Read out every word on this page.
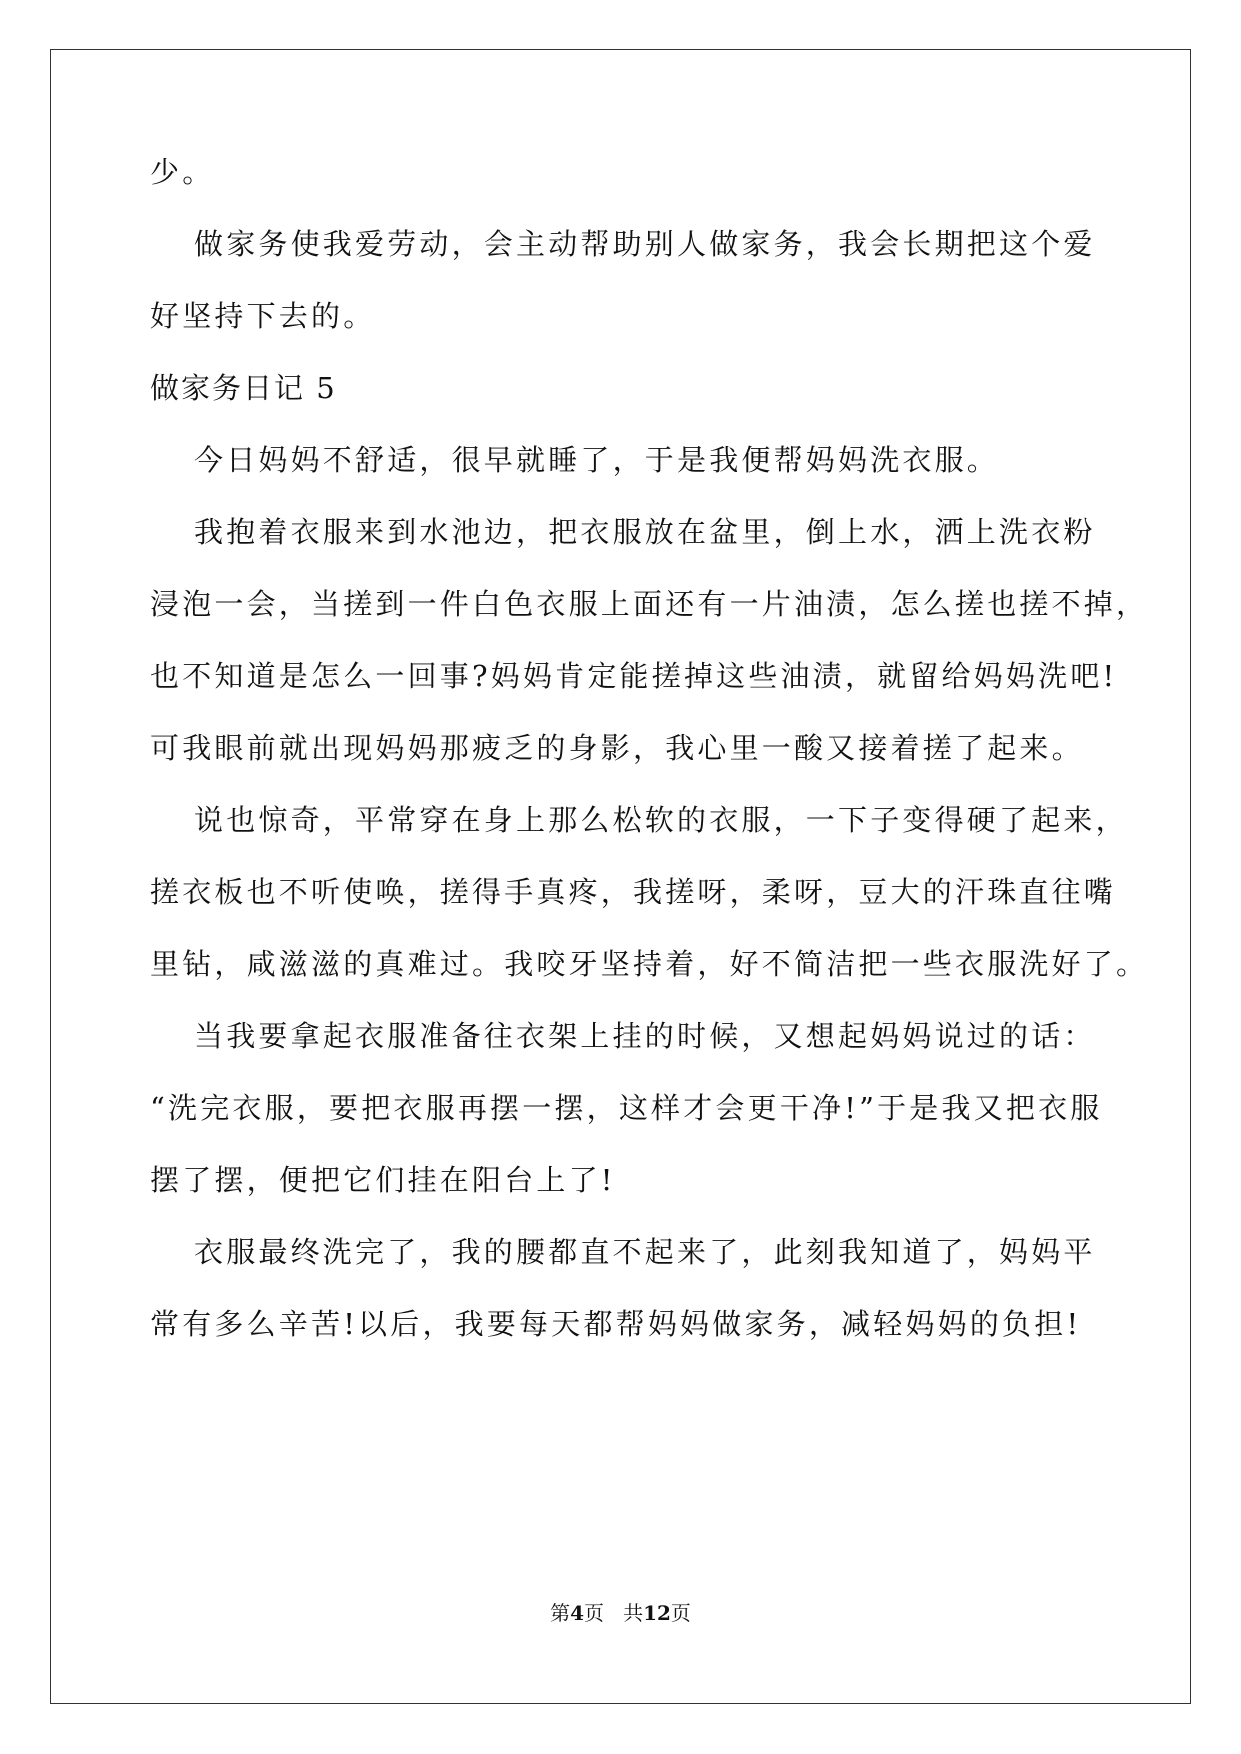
少。
做家务使我爱劳动，会主动帮助别人做家务，我会长期把这个爱
好坚持下去的。
做家务日记 5
今日妈妈不舒适，很早就睡了，于是我便帮妈妈洗衣服。
我抱着衣服来到水池边，把衣服放在盆里，倒上水，洒上洗衣粉
浸泡一会，当搓到一件白色衣服上面还有一片油渍，怎么搓也搓不掉，
也不知道是怎么一回事?妈妈肯定能搓掉这些油渍，就留给妈妈洗吧!
可我眼前就出现妈妈那疲乏的身影，我心里一酸又接着搓了起来。
说也惊奇，平常穿在身上那么松软的衣服，一下子变得硬了起来，
搓衣板也不听使唤，搓得手真疼，我搓呀，柔呀，豆大的汗珠直往嘴
里钻，咸滋滋的真难过。我咬牙坚持着，好不简洁把一些衣服洗好了。
当我要拿起衣服准备往衣架上挂的时候，又想起妈妈说过的话：
“洗完衣服，要把衣服再摆一摆，这样才会更干净!”于是我又把衣服
摆了摆，便把它们挂在阳台上了!
衣服最终洗完了，我的腰都直不起来了，此刻我知道了，妈妈平
常有多么辛苦!以后，我要每天都帮妈妈做家务，减轻妈妈的负担!
第4页 共12页
